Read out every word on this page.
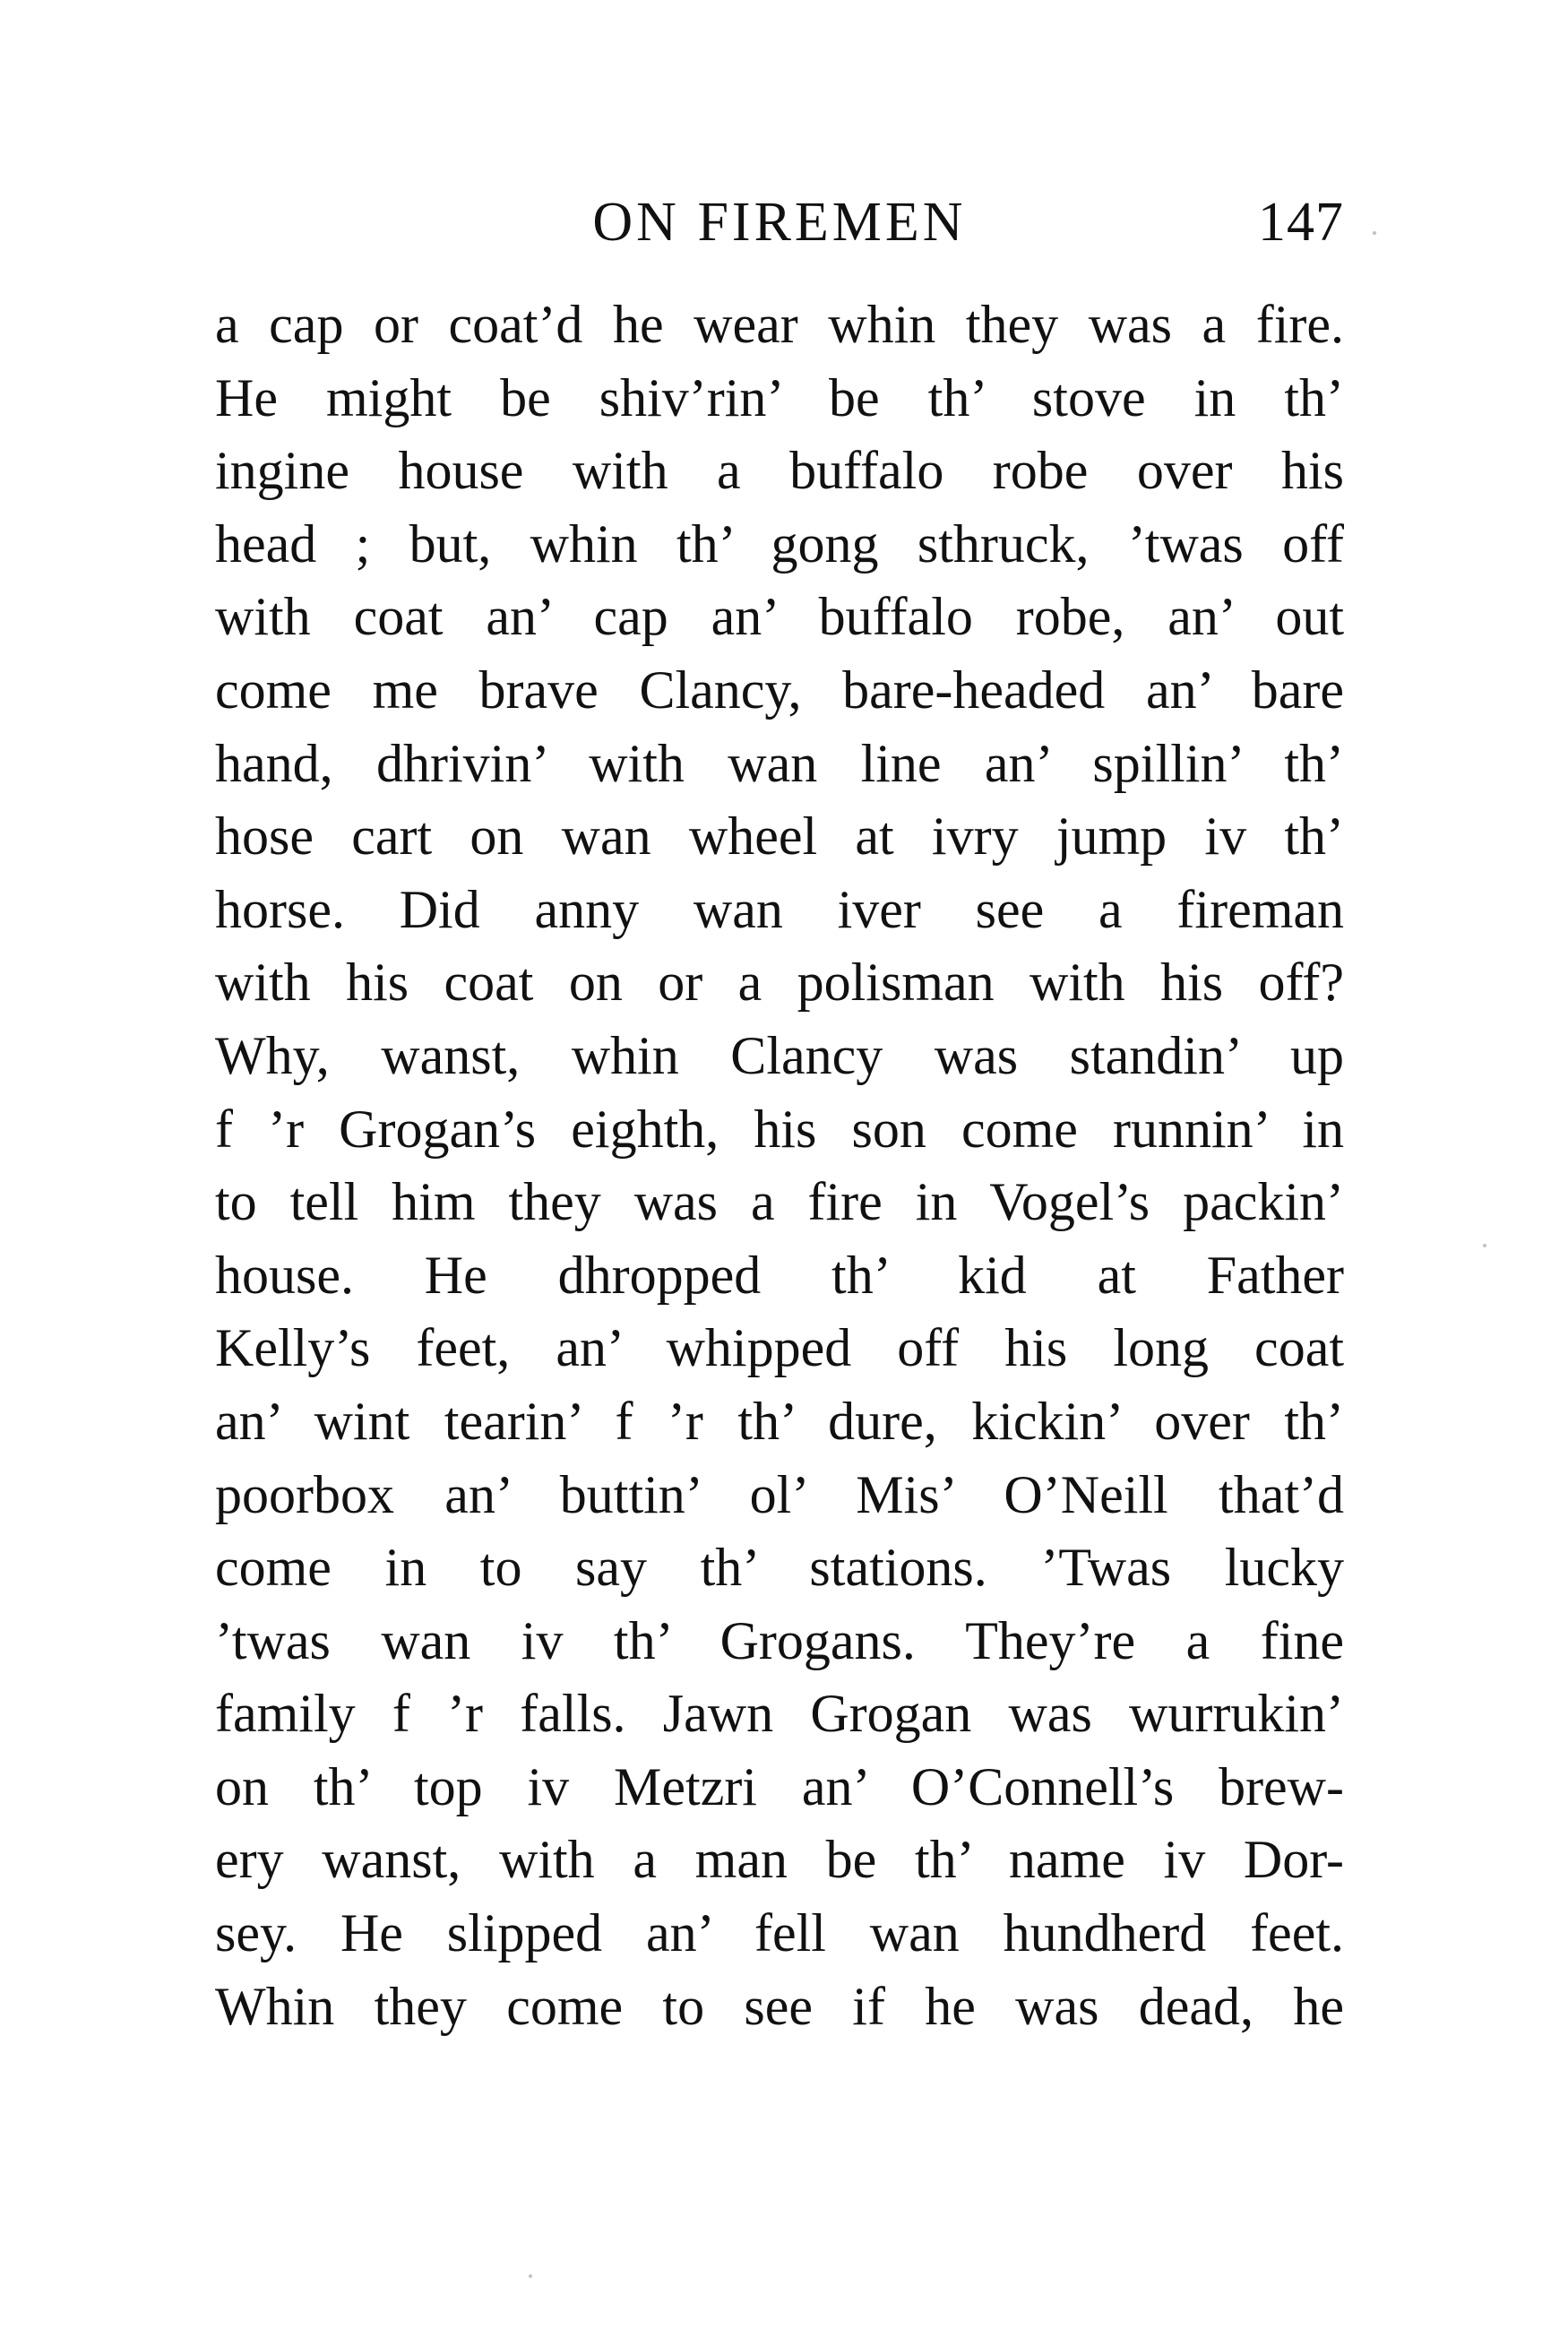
ON FIREMEN	147
a cap or coat’d he wear whin they was a fire.
He might be shiv’rin’ be th’ stove in th’
ingine house with a buffalo robe over his
head ; but, whin th’ gong sthruck, ’twas off
with coat an’ cap an’ buffalo robe, an’ out
come me brave Clancy, bare-headed an’ bare
hand, dhrivin’ with wan line an’ spillin’ th’
hose cart on wan wheel at ivry jump iv th’
horse. Did anny wan iver see a fireman
with his coat on or a polisman with his off?
Why, wanst, whin Clancy was standin’ up
f ’r Grogan’s eighth, his son come runnin’ in
to tell him they was a fire in Vogel’s packin’
house. He dhropped th’ kid at Father
Kelly’s feet, an’ whipped off his long coat
an’ wint tearin’ f ’r th’ dure, kickin’ over th’
poorbox an’ buttin’ ol’ Mis’ O’Neill that’d
come in to say th’ stations. ’Twas lucky
’twas wan iv th’ Grogans. They’re a fine
family f ’r falls. Jawn Grogan was wurrukin’
on th’ top iv Metzri an’ O’Connell’s brew-
ery wanst, with a man be th’ name iv Dor-
sey. He slipped an’ fell wan hundherd feet.
Whin they come to see if he was dead, he
